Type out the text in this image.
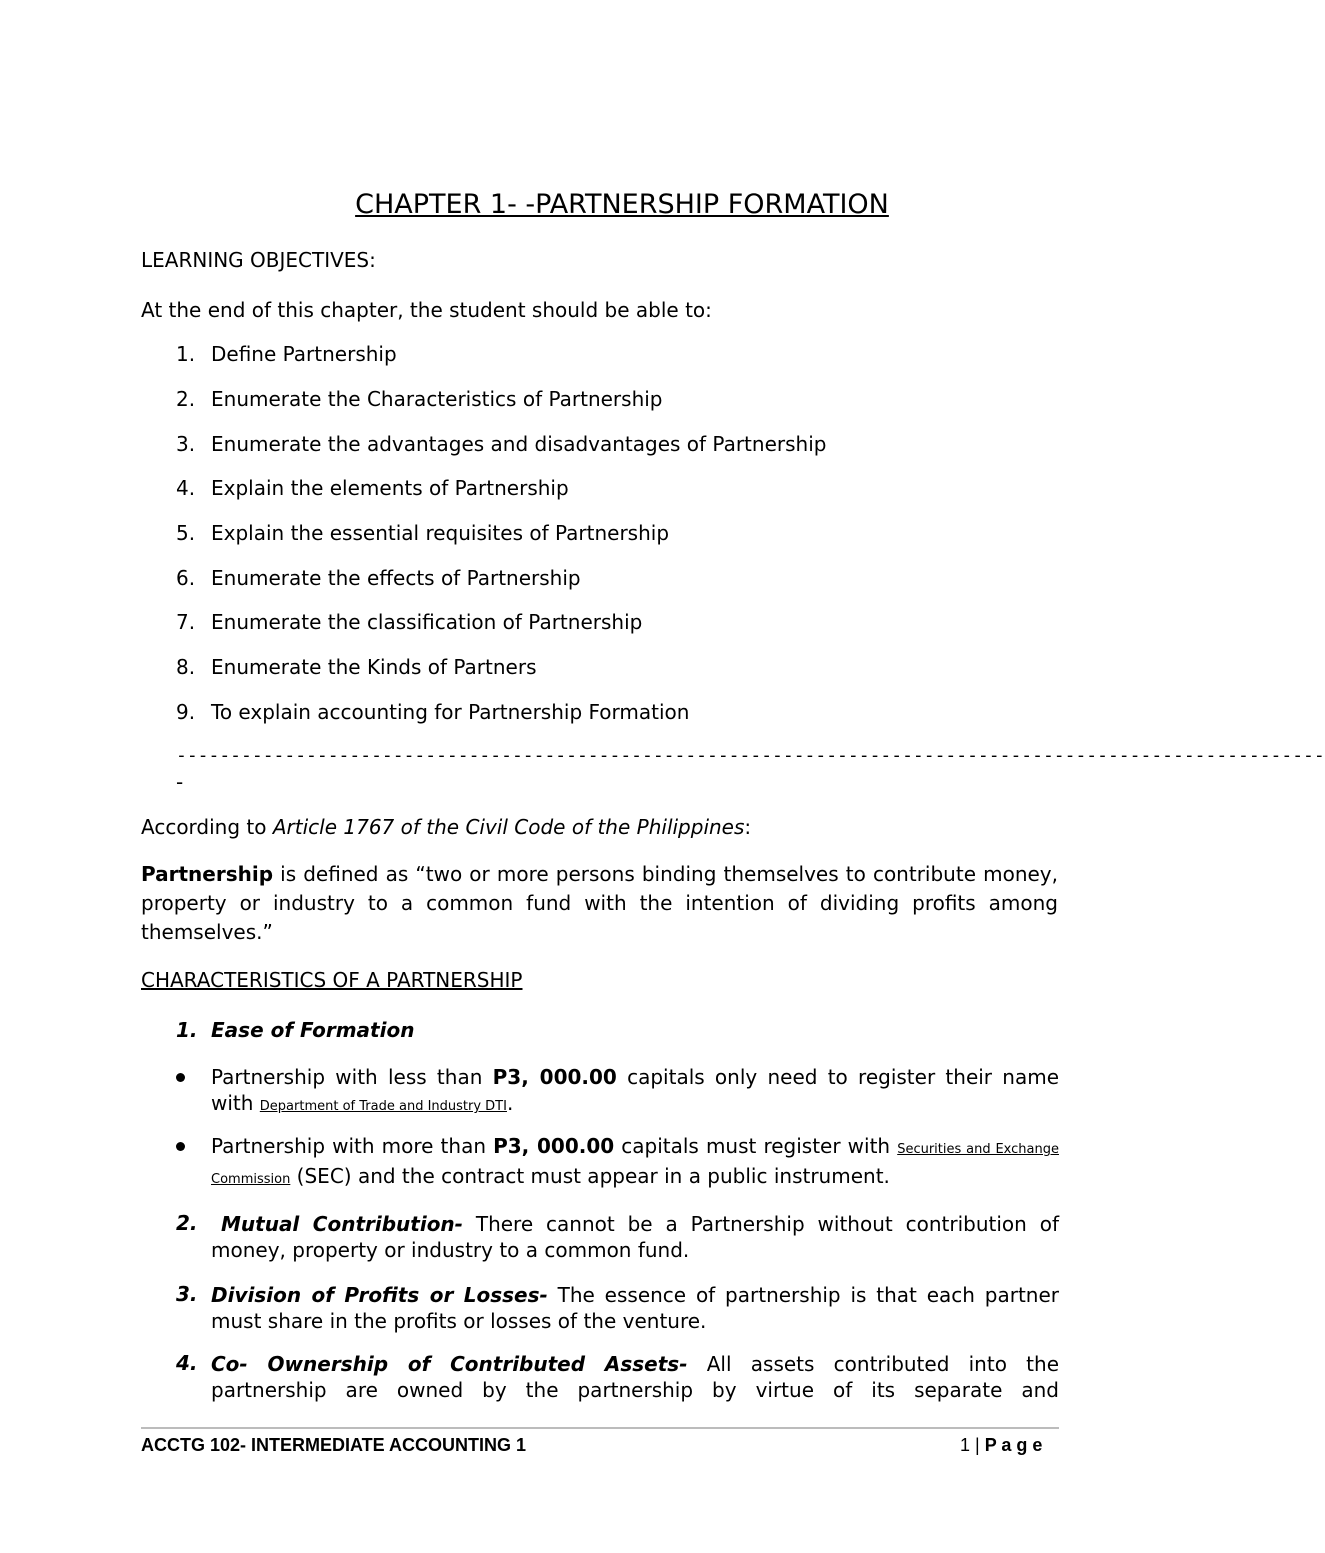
CHAPTER 1- -PARTNERSHIP FORMATION
LEARNING OBJECTIVES:
At the end of this chapter, the student should be able to:
1. Define Partnership
2. Enumerate the Characteristics of Partnership
3. Enumerate the advantages and disadvantages of Partnership
4. Explain the elements of Partnership
5. Explain the essential requisites of Partnership
6. Enumerate the effects of Partnership
7. Enumerate the classification of Partnership
8. Enumerate the Kinds of Partners
9. To explain accounting for Partnership Formation
----------------------------------------------------------------------------------------------------------
-
According to Article 1767 of the Civil Code of the Philippines:
Partnership is defined as “two or more persons binding themselves to contribute money, property or industry to a common fund with the intention of dividing profits among themselves.”
CHARACTERISTICS OF A PARTNERSHIP
1. Ease of Formation
Partnership with less than P3, 000.00 capitals only need to register their name with Department of Trade and Industry DTI.
Partnership with more than P3, 000.00 capitals must register with Securities and Exchange Commission (SEC) and the contract must appear in a public instrument.
2.	Mutual Contribution- There cannot be a Partnership without contribution of money, property or industry to a common fund.
3. Division of Profits or Losses- The essence of partnership is that each partner must share in the profits or losses of the venture.
4. Co- Ownership of Contributed Assets- All assets contributed into the partnership are owned by the partnership by virtue of its separate and
ACCTG 102- INTERMEDIATE ACCOUNTING 1	1 | P a g e
